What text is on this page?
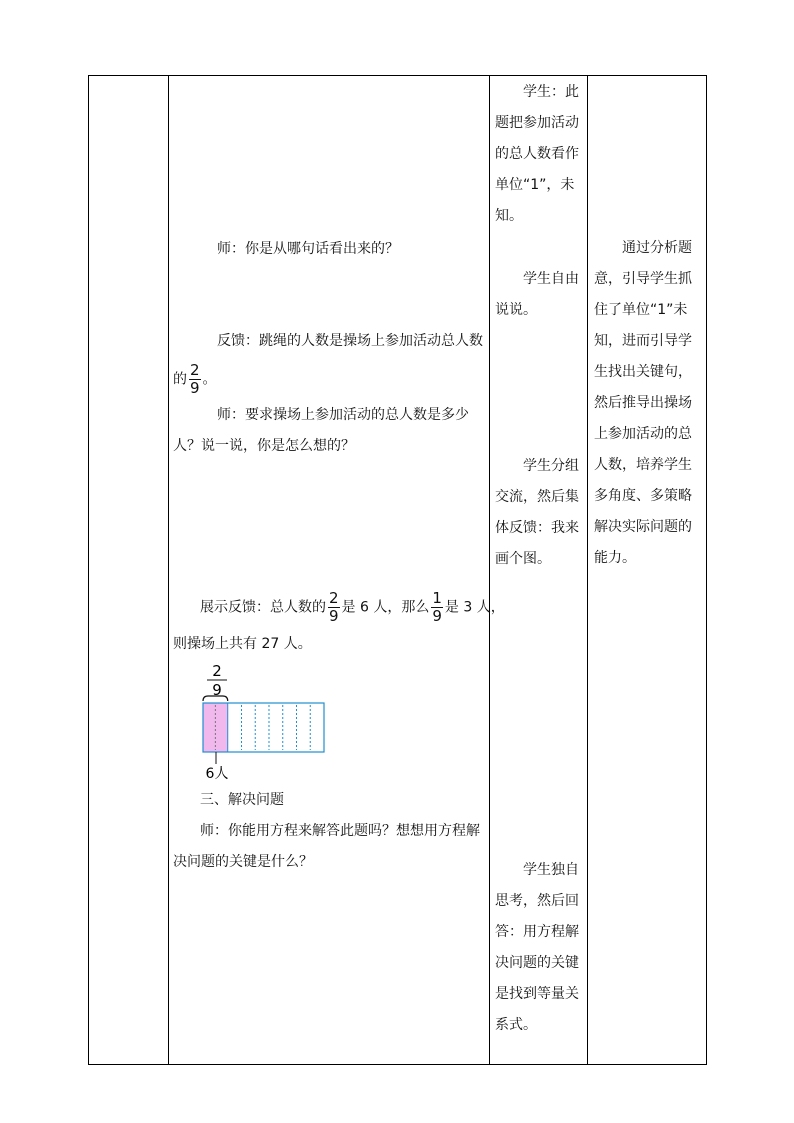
学生：此
题把参加活动
的总人数看作
单位“1”，未
知。
学生自由
说说。
学生分组
交流，然后集
体反馈：我来
画个图。
学生独自
思考，然后回
答：用方程解
决问题的关键
是找到等量关
系式。
通过分析题
意，引导学生抓
住了单位“1”未
知，进而引导学
生找出关键句，
然后推导出操场
上参加活动的总
人数，培养学生
多角度、多策略
解决实际问题的
能力。
师：你是从哪句话看出来的？
反馈：跳绳的人数是操场上参加活动总人数
的 $\frac{2}{9}$ 。
师：要求操场上参加活动的总人数是多少
人？说一说，你是怎么想的？
展示反馈：总人数的 $\frac{2}{9}$ 是 6 人，那么 $\frac{1}{9}$ 是 3 人，
则操场上共有 27 人。
2
9
6人
三、解决问题
师：你能用方程来解答此题吗？想想用方程解
决问题的关键是什么？
